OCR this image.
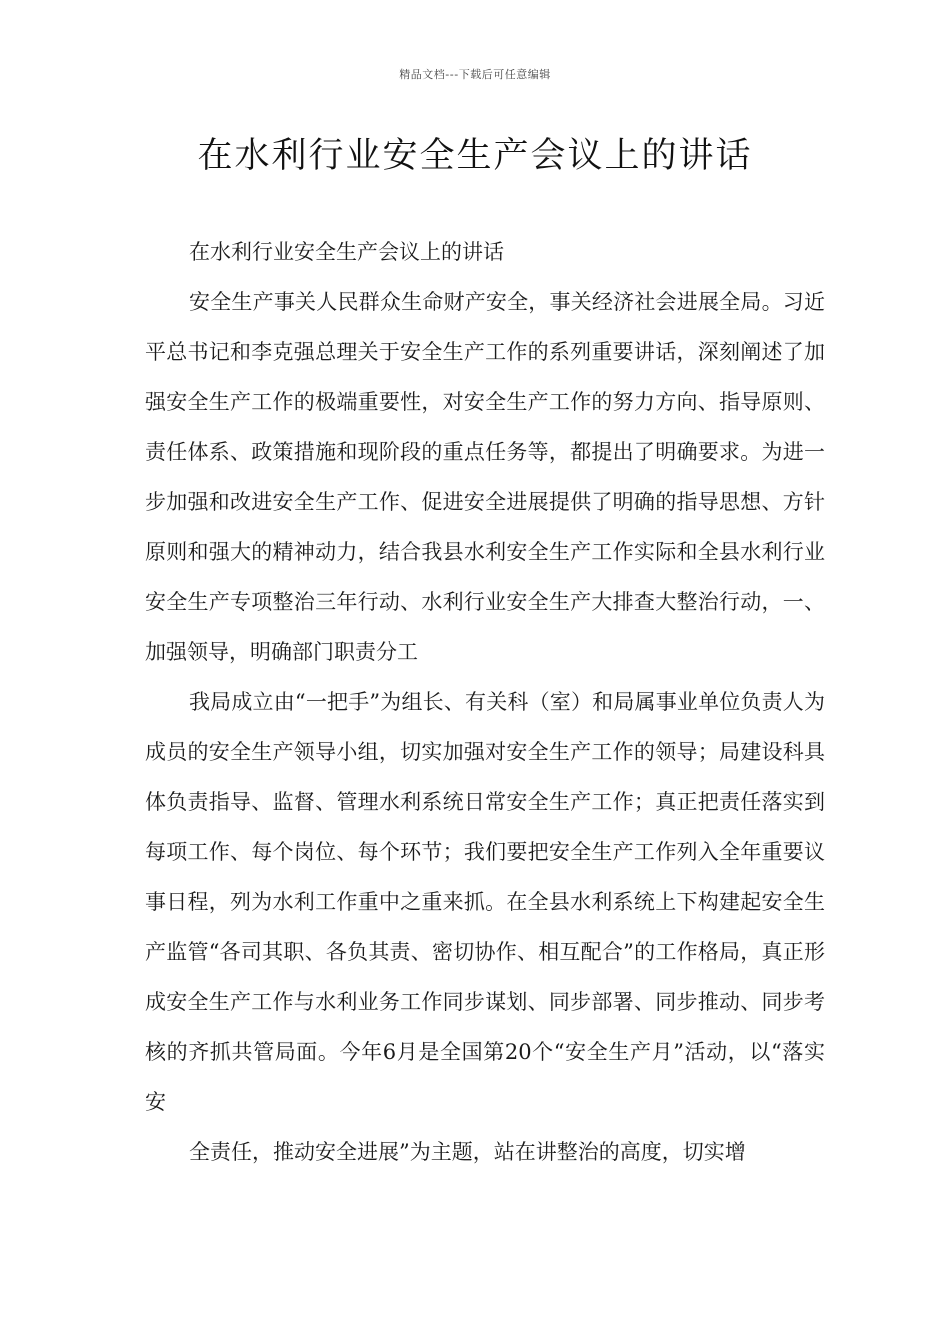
精品文档---下载后可任意编辑
在水利行业安全生产会议上的讲话

在水利行业安全生产会议上的讲话

安全生产事关人民群众生命财产安全，事关经济社会进展全局。习近平总书记和李克强总理关于安全生产工作的系列重要讲话，深刻阐述了加强安全生产工作的极端重要性，对安全生产工作的努力方向、指导原则、责任体系、政策措施和现阶段的重点任务等，都提出了明确要求。为进一步加强和改进安全生产工作、促进安全进展提供了明确的指导思想、方针原则和强大的精神动力，结合我县水利安全生产工作实际和全县水利行业安全生产专项整治三年行动、水利行业安全生产大排查大整治行动，一、加强领导，明确部门职责分工

我局成立由“一把手”为组长、有关科（室）和局属事业单位负责人为成员的安全生产领导小组，切实加强对安全生产工作的领导；局建设科具体负责指导、监督、管理水利系统日常安全生产工作；真正把责任落实到每项工作、每个岗位、每个环节；我们要把安全生产工作列入全年重要议事日程，列为水利工作重中之重来抓。在全县水利系统上下构建起安全生产监管“各司其职、各负其责、密切协作、相互配合”的工作格局，真正形成安全生产工作与水利业务工作同步谋划、同步部署、同步推动、同步考核的齐抓共管局面。今年6月是全国第20个“安全生产月”活动，以“落实安

全责任，推动安全进展”为主题，站在讲整治的高度，切实增
